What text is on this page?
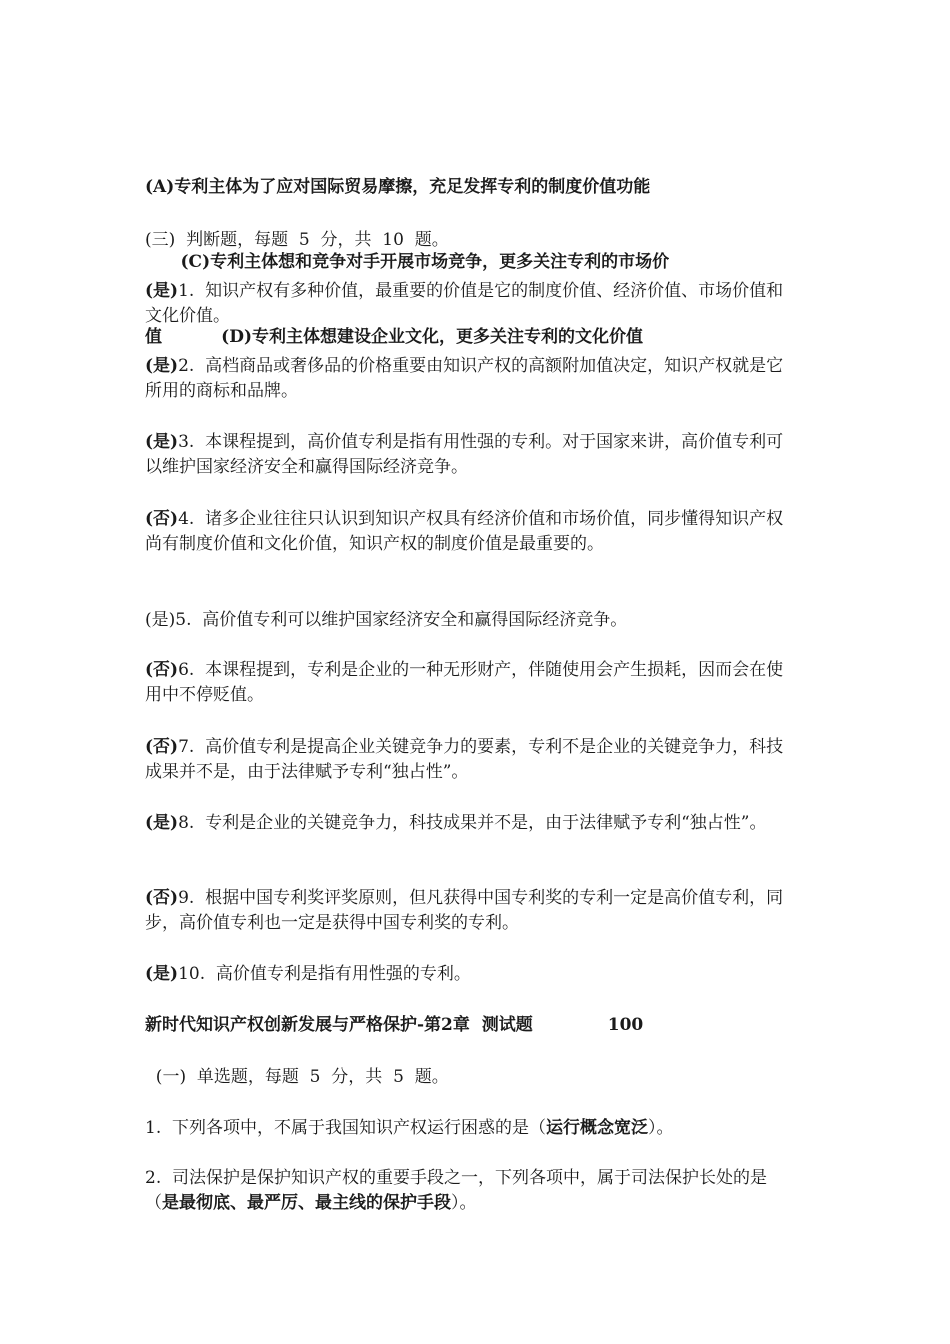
(A)专利主体为了应对国际贸易摩擦，充足发挥专利的制度价值功能

(C)专利主体想和竞争对手开展市场竞争，更多关注专利的市场价

值          (D)专利主体想建设企业文化，更多关注专利的文化价值

(三)  判断题，每题  5  分，共  10  题。
(是)1.  知识产权有多种价值，最重要的价值是它的制度价值、经济价值、市场价值和文化价值。
(是)2.  高档商品或奢侈品的价格重要由知识产权的高额附加值决定，知识产权就是它所用的商标和品牌。
(是)3.  本课程提到，高价值专利是指有用性强的专利。对于国家来讲，高价值专利可以维护国家经济安全和赢得国际经济竞争。
(否)4.  诸多企业往往只认识到知识产权具有经济价值和市场价值，同步懂得知识产权尚有制度价值和文化价值，知识产权的制度价值是最重要的。
(是)5.  高价值专利可以维护国家经济安全和赢得国际经济竞争。
(否)6.  本课程提到，专利是企业的一种无形财产，伴随使用会产生损耗，因而会在使用中不停贬值。
(否)7.  高价值专利是提高企业关键竞争力的要素，专利不是企业的关键竞争力，科技成果并不是，由于法律赋予专利“独占性”。
(是)8.  专利是企业的关键竞争力，科技成果并不是，由于法律赋予专利“独占性”。
(否)9.  根据中国专利奖评奖原则，但凡获得中国专利奖的专利一定是高价值专利，同步，高价值专利也一定是获得中国专利奖的专利。
(是)10.  高价值专利是指有用性强的专利。
新时代知识产权创新发展与严格保护-第2章  测试题	100
(一)  单选题，每题  5  分，共  5  题。
1.  下列各项中，不属于我国知识产权运行困惑的是（运行概念宽泛）。
2.  司法保护是保护知识产权的重要手段之一，下列各项中，属于司法保护长处的是（是最彻底、最严厉、最主线的保护手段）。
